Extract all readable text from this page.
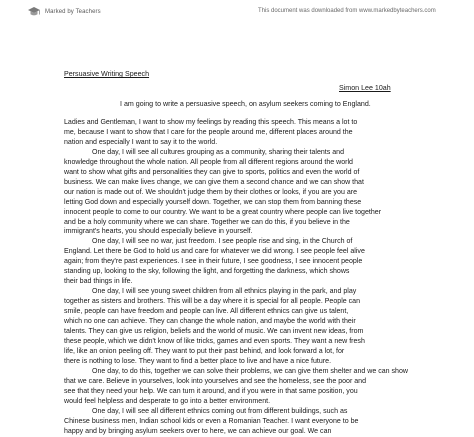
Marked by Teachers	This document was downloaded from www.markedbyteachers.com
Persuasive Writing Speech
Simon Lee 10ah
I am going to write a persuasive speech, on asylum seekers coming to England.
Ladies and Gentleman, I want to show my feelings by reading this speech. This means a lot to
me, because I want to show that I care for the people around me, different places around the
nation and especially I want to say it to the world.
One day, I will see all cultures grouping as a community, sharing their talents and
knowledge throughout the whole nation. All people from all different regions around the world
want to show what gifts and personalities they can give to sports, politics and even the world of
business. We can make lives change, we can give them a second chance and we can show that
our nation is made out of. We shouldn't judge them by their clothes or looks, if you are you are
letting God down and especially yourself down. Together, we can stop them from banning these
innocent people to come to our country. We want to be a great country where people can live together
and be a holy community where we can share. Together we can do this, if you believe in the
immigrant's hearts, you should especially believe in yourself.
One day, I will see no war, just freedom. I see people rise and sing, in the Church of
England. Let there be God to hold us and care for whatever we did wrong. I see people feel alive
again; from they're past experiences. I see in their future, I see goodness, I see innocent people
standing up, looking to the sky, following the light, and forgetting the darkness, which shows
their bad things in life.
One day, I will see young sweet children from all ethnics playing in the park, and play
together as sisters and brothers. This will be a day where it is special for all people. People can
smile, people can have freedom and people can live. All different ethnics can give us talent,
which no one can achieve. They can change the whole nation, and maybe the world with their
talents. They can give us religion, beliefs and the world of music. We can invent new ideas, from
these people, which we didn't know of like tricks, games and even sports. They want a new fresh
life, like an onion peeling off. They want to put their past behind, and look forward a lot, for
there is nothing to lose. They want to find a better place to live and have a nice future.
One day, to do this, together we can solve their problems, we can give them shelter and we can show
that we care. Believe in yourselves, look into yourselves and see the homeless, see the poor and
see that they need your help. We can turn it around, and if you were in that same position, you
would feel helpless and desperate to go into a better environment.
One day, I will see all different ethnics coming out from different buildings, such as
Chinese business men, Indian school kids or even a Romanian Teacher. I want everyone to be
happy and by bringing asylum seekers over to here, we can achieve our goal. We can
